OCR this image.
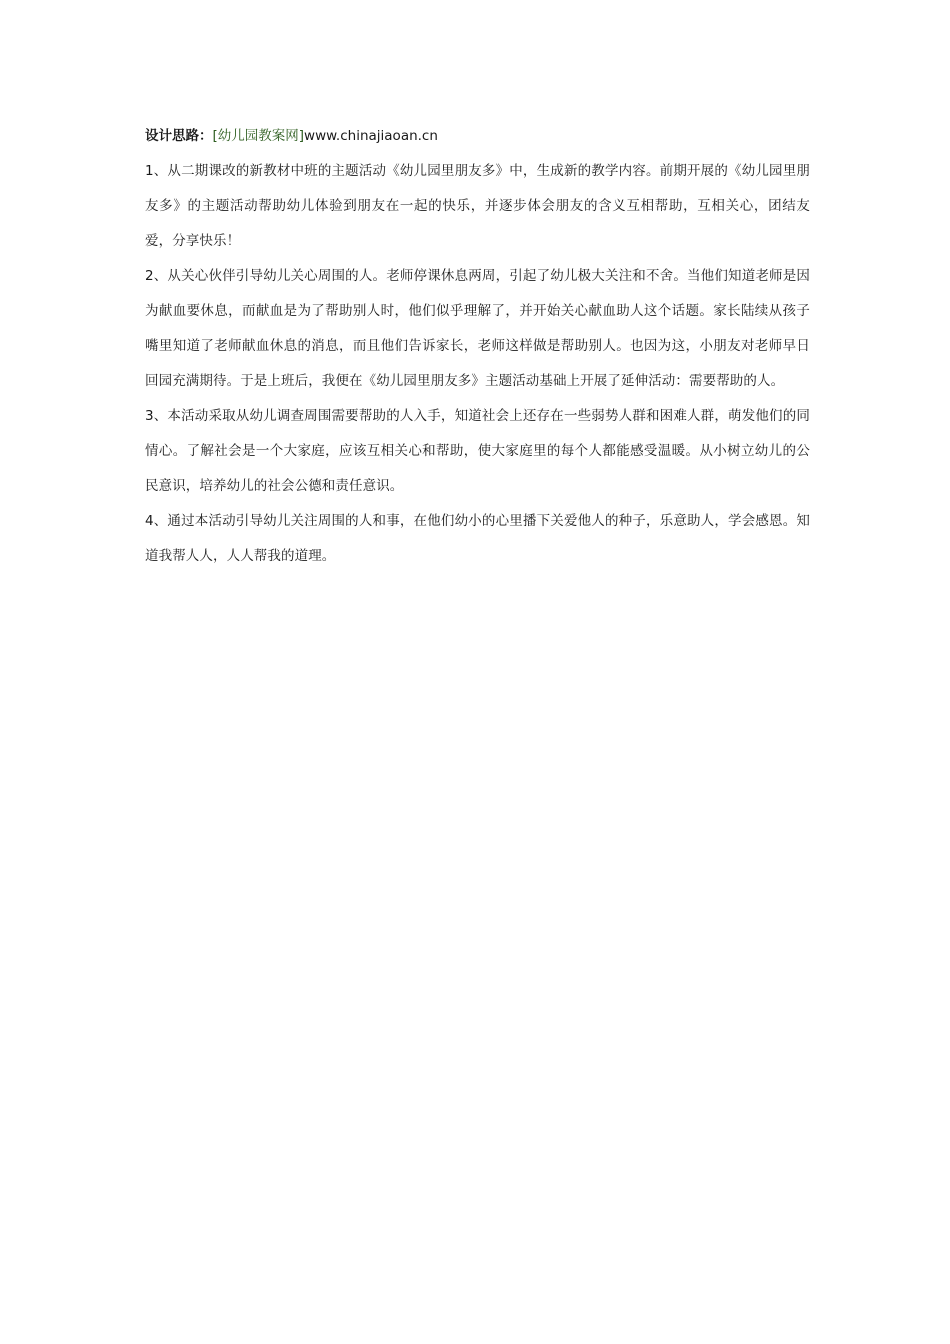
设计思路：[幼儿园教案网]www.chinajiaoan.cn

1、从二期课改的新教材中班的主题活动《幼儿园里朋友多》中，生成新的教学内容。前期开展的《幼儿园里朋友多》的主题活动帮助幼儿体验到朋友在一起的快乐，并逐步体会朋友的含义互相帮助，互相关心，团结友爱，分享快乐！

2、从关心伙伴引导幼儿关心周围的人。老师停课休息两周，引起了幼儿极大关注和不舍。当他们知道老师是因为献血要休息，而献血是为了帮助别人时，他们似乎理解了，并开始关心献血助人这个话题。家长陆续从孩子嘴里知道了老师献血休息的消息，而且他们告诉家长，老师这样做是帮助别人。也因为这，小朋友对老师早日回园充满期待。于是上班后，我便在《幼儿园里朋友多》主题活动基础上开展了延伸活动：需要帮助的人。

3、本活动采取从幼儿调查周围需要帮助的人入手，知道社会上还存在一些弱势人群和困难人群，萌发他们的同情心。了解社会是一个大家庭，应该互相关心和帮助，使大家庭里的每个人都能感受温暖。从小树立幼儿的公民意识，培养幼儿的社会公德和责任意识。

4、通过本活动引导幼儿关注周围的人和事，在他们幼小的心里播下关爱他人的种子，乐意助人，学会感恩。知道我帮人人，人人帮我的道理。
